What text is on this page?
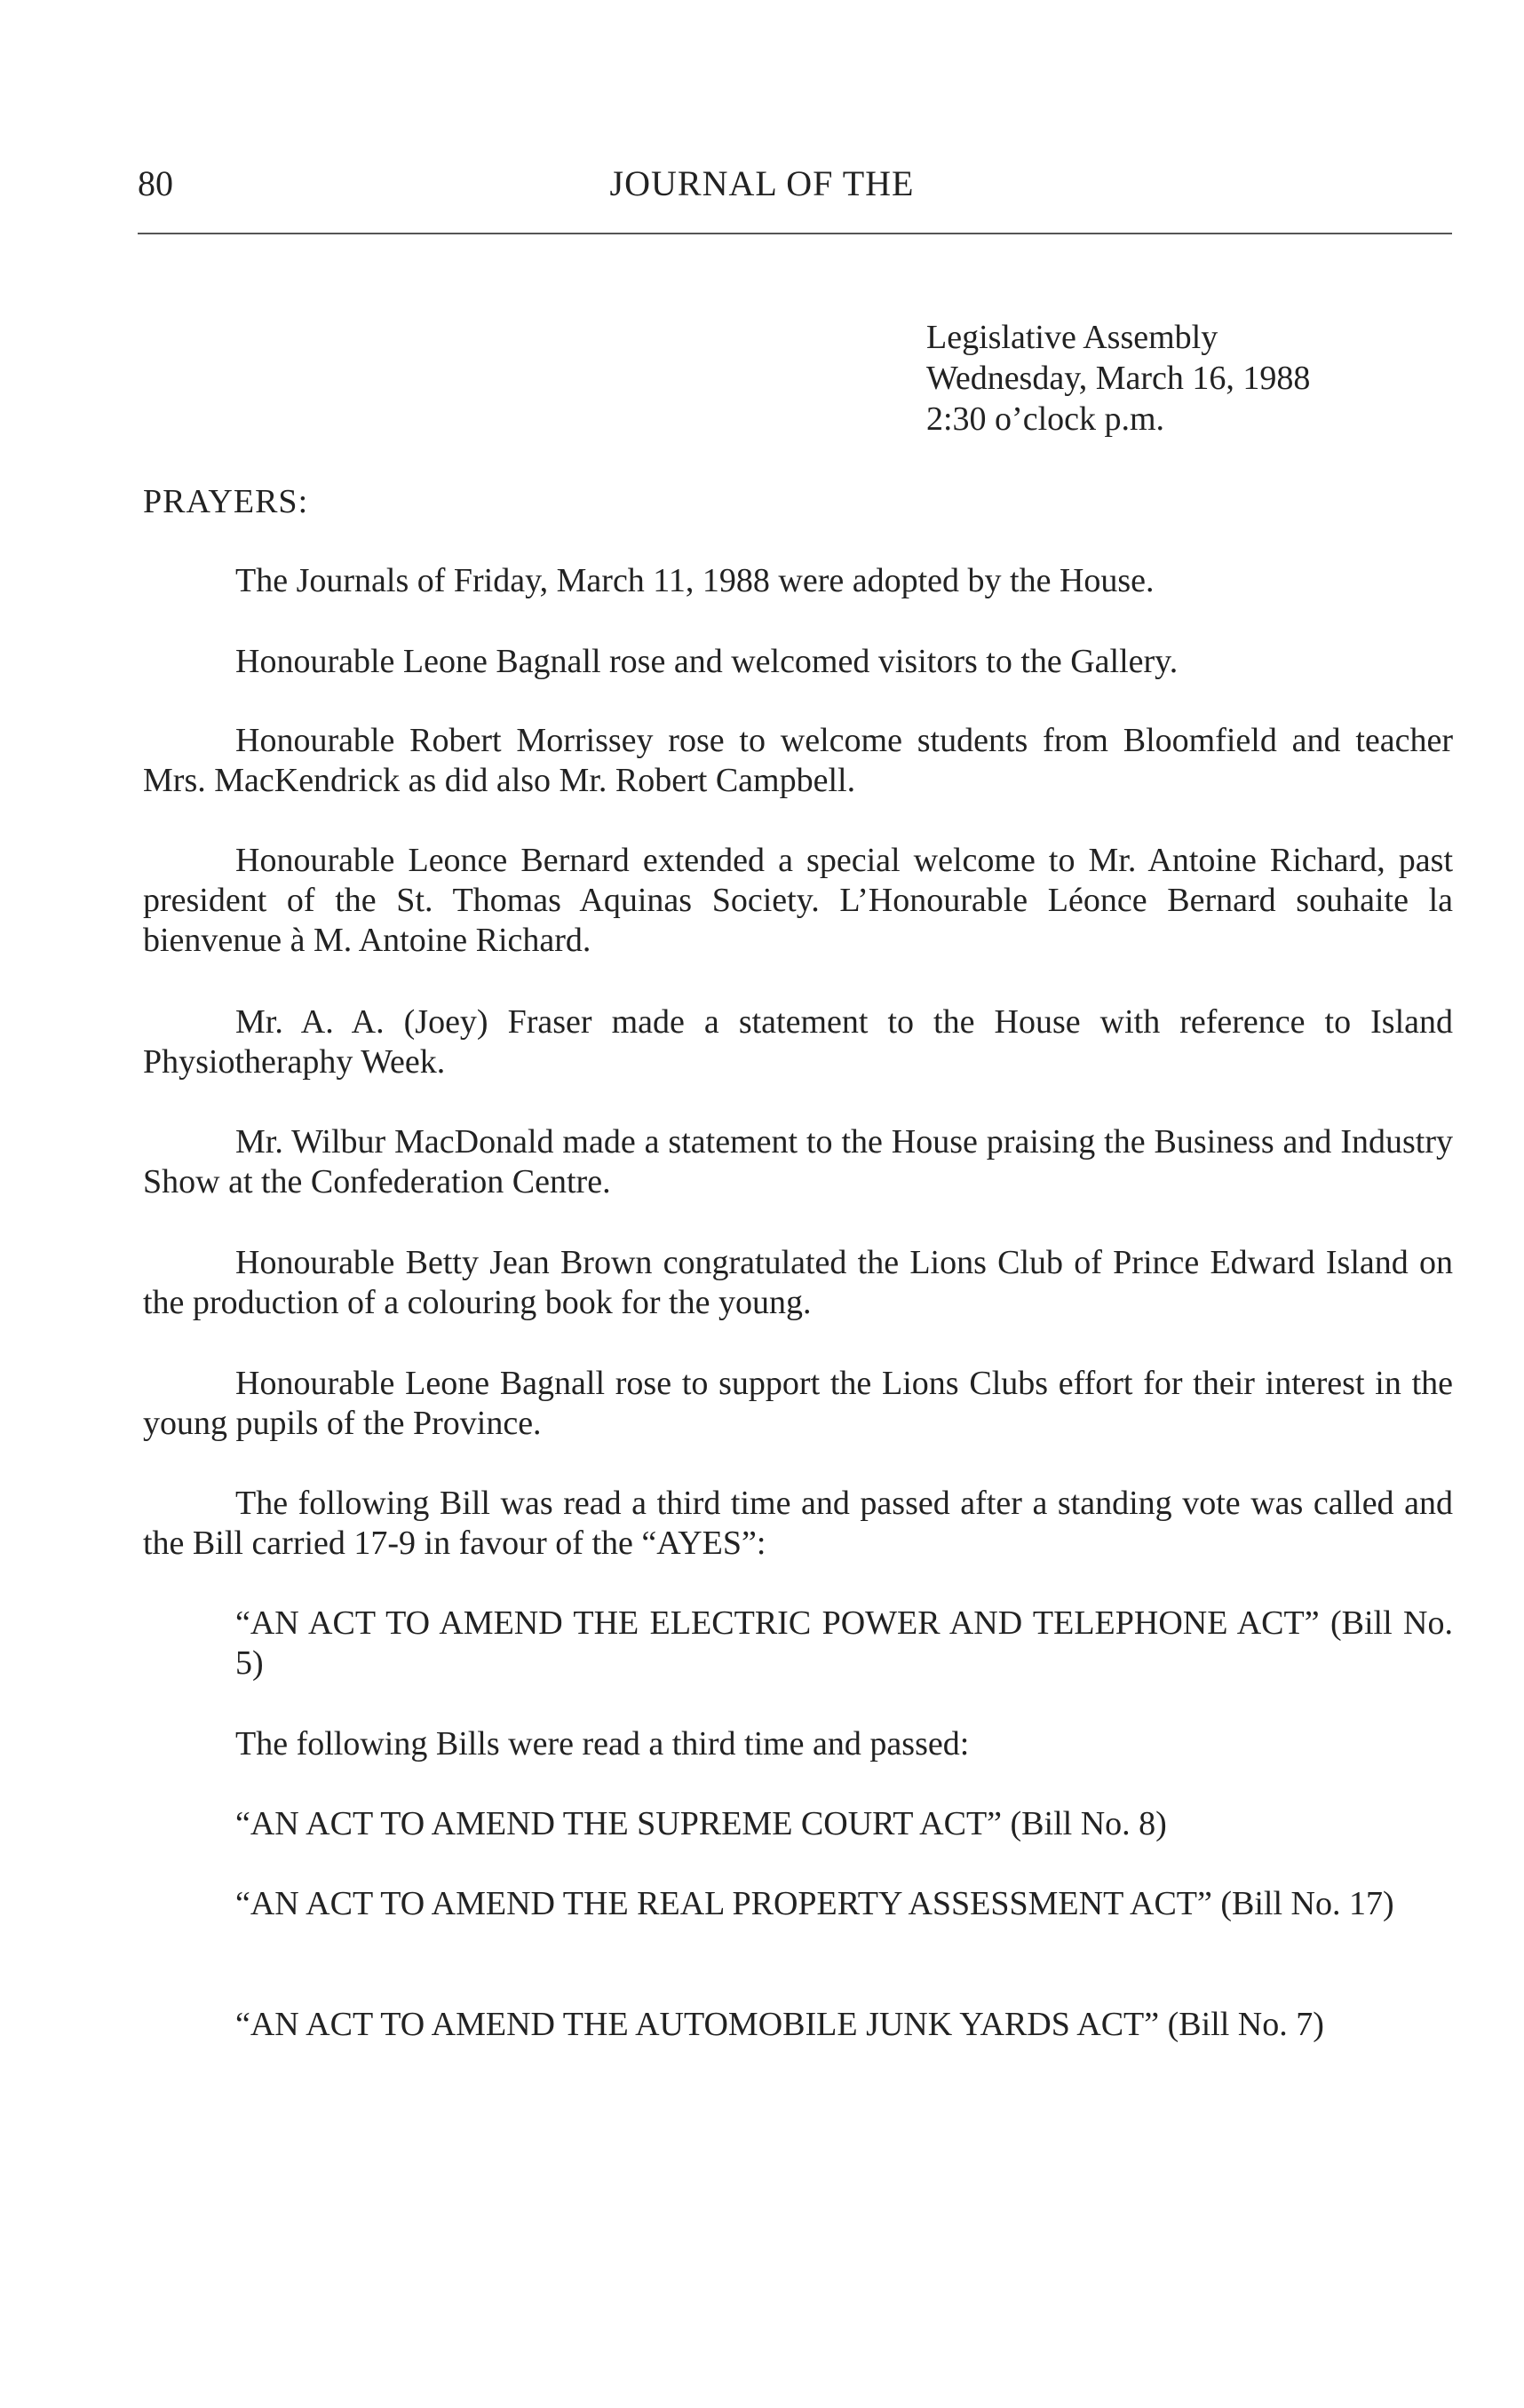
80	JOURNAL OF THE
Legislative Assembly
Wednesday, March 16, 1988
2:30 o’clock p.m.
PRAYERS:

The Journals of Friday, March 11, 1988 were adopted by the House.

Honourable Leone Bagnall rose and welcomed visitors to the Gallery.

Honourable Robert Morrissey rose to welcome students from Bloomfield and teacher Mrs. MacKendrick as did also Mr. Robert Campbell.

Honourable Leonce Bernard extended a special welcome to Mr. Antoine Richard, past president of the St. Thomas Aquinas Society. L’Honourable Léonce Bernard souhaite la bienvenue à M. Antoine Richard.

Mr. A. A. (Joey) Fraser made a statement to the House with reference to Island Physiotheraphy Week.

Mr. Wilbur MacDonald made a statement to the House praising the Business and Industry Show at the Confederation Centre.

Honourable Betty Jean Brown congratulated the Lions Club of Prince Edward Island on the production of a colouring book for the young.

Honourable Leone Bagnall rose to support the Lions Clubs effort for their interest in the young pupils of the Province.

The following Bill was read a third time and passed after a standing vote was called and the Bill carried 17-9 in favour of the “AYES”:

“AN ACT TO AMEND THE ELECTRIC POWER AND TELEPHONE ACT” (Bill No. 5)

The following Bills were read a third time and passed:

“AN ACT TO AMEND THE SUPREME COURT ACT” (Bill No. 8)

“AN ACT TO AMEND THE REAL PROPERTY ASSESSMENT ACT” (Bill No. 17)

“AN ACT TO AMEND THE AUTOMOBILE JUNK YARDS ACT” (Bill No. 7)
